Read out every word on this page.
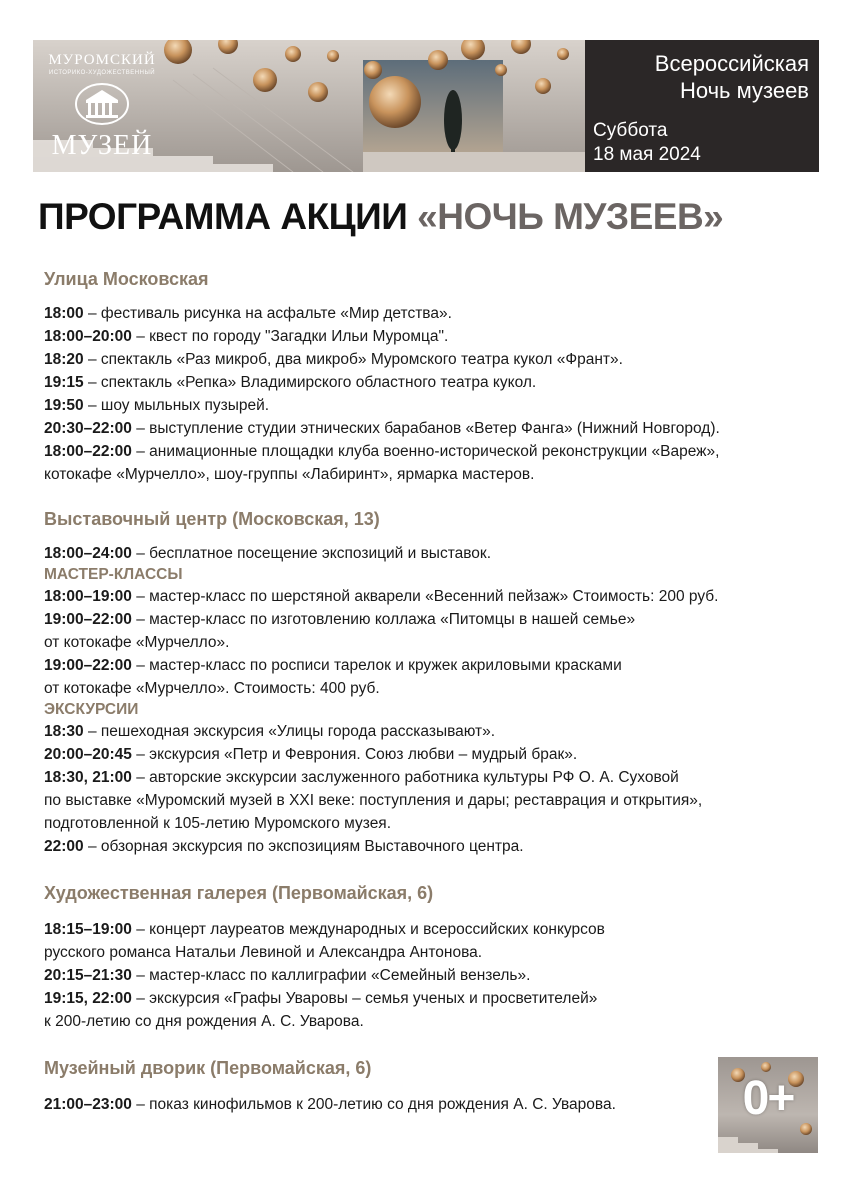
МУРОМСКИЙ
ИСТОРИКО-ХУДОЖЕСТВЕННЫЙ
МУЗЕЙ
Всероссийская
Ночь музеев
Суббота
18 мая 2024
ПРОГРАММА АКЦИИ «НОЧЬ МУЗЕЕВ»
Улица Московская
18:00 – фестиваль рисунка на асфальте «Мир детства».
18:00–20:00 – квест по городу "Загадки Ильи Муромца".
18:20 – спектакль «Раз микроб, два микроб» Муромского театра кукол «Франт».
19:15 – спектакль «Репка» Владимирского областного театра кукол.
19:50 – шоу мыльных пузырей.
20:30–22:00 – выступление студии этнических барабанов «Ветер Фанга» (Нижний Новгород).
18:00–22:00 – анимационные площадки клуба военно-исторической реконструкции «Вареж»,
котокафе «Мурчелло», шоу-группы «Лабиринт», ярмарка мастеров.
Выставочный центр (Московская, 13)
18:00–24:00 – бесплатное посещение экспозиций и выставок.
МАСТЕР-КЛАССЫ
18:00–19:00 – мастер-класс по шерстяной акварели «Весенний пейзаж» Стоимость: 200 руб.
19:00–22:00 – мастер-класс по изготовлению коллажа «Питомцы в нашей семье»
от котокафе «Мурчелло».
19:00–22:00 – мастер-класс по росписи тарелок и кружек акриловыми красками
от котокафе «Мурчелло». Стоимость: 400 руб.
ЭКСКУРСИИ
18:30 – пешеходная экскурсия «Улицы города рассказывают».
20:00–20:45 – экскурсия «Петр и Феврония. Союз любви – мудрый брак».
18:30, 21:00 – авторские экскурсии заслуженного работника культуры РФ О. А. Суховой
по выставке «Муромский музей в XXI веке: поступления и дары; реставрация и открытия»,
подготовленной к 105-летию Муромского музея.
22:00 – обзорная экскурсия по экспозициям Выставочного центра.
Художественная галерея (Первомайская, 6)
18:15–19:00 – концерт лауреатов международных и всероссийских конкурсов
русского романса Натальи Левиной и Александра Антонова.
20:15–21:30 – мастер-класс по каллиграфии «Семейный вензель».
19:15, 22:00 – экскурсия «Графы Уваровы – семья ученых и просветителей»
к 200-летию со дня рождения А. С. Уварова.
Музейный дворик (Первомайская, 6)
21:00–23:00 – показ кинофильмов к 200-летию со дня рождения А. С. Уварова.	0+
